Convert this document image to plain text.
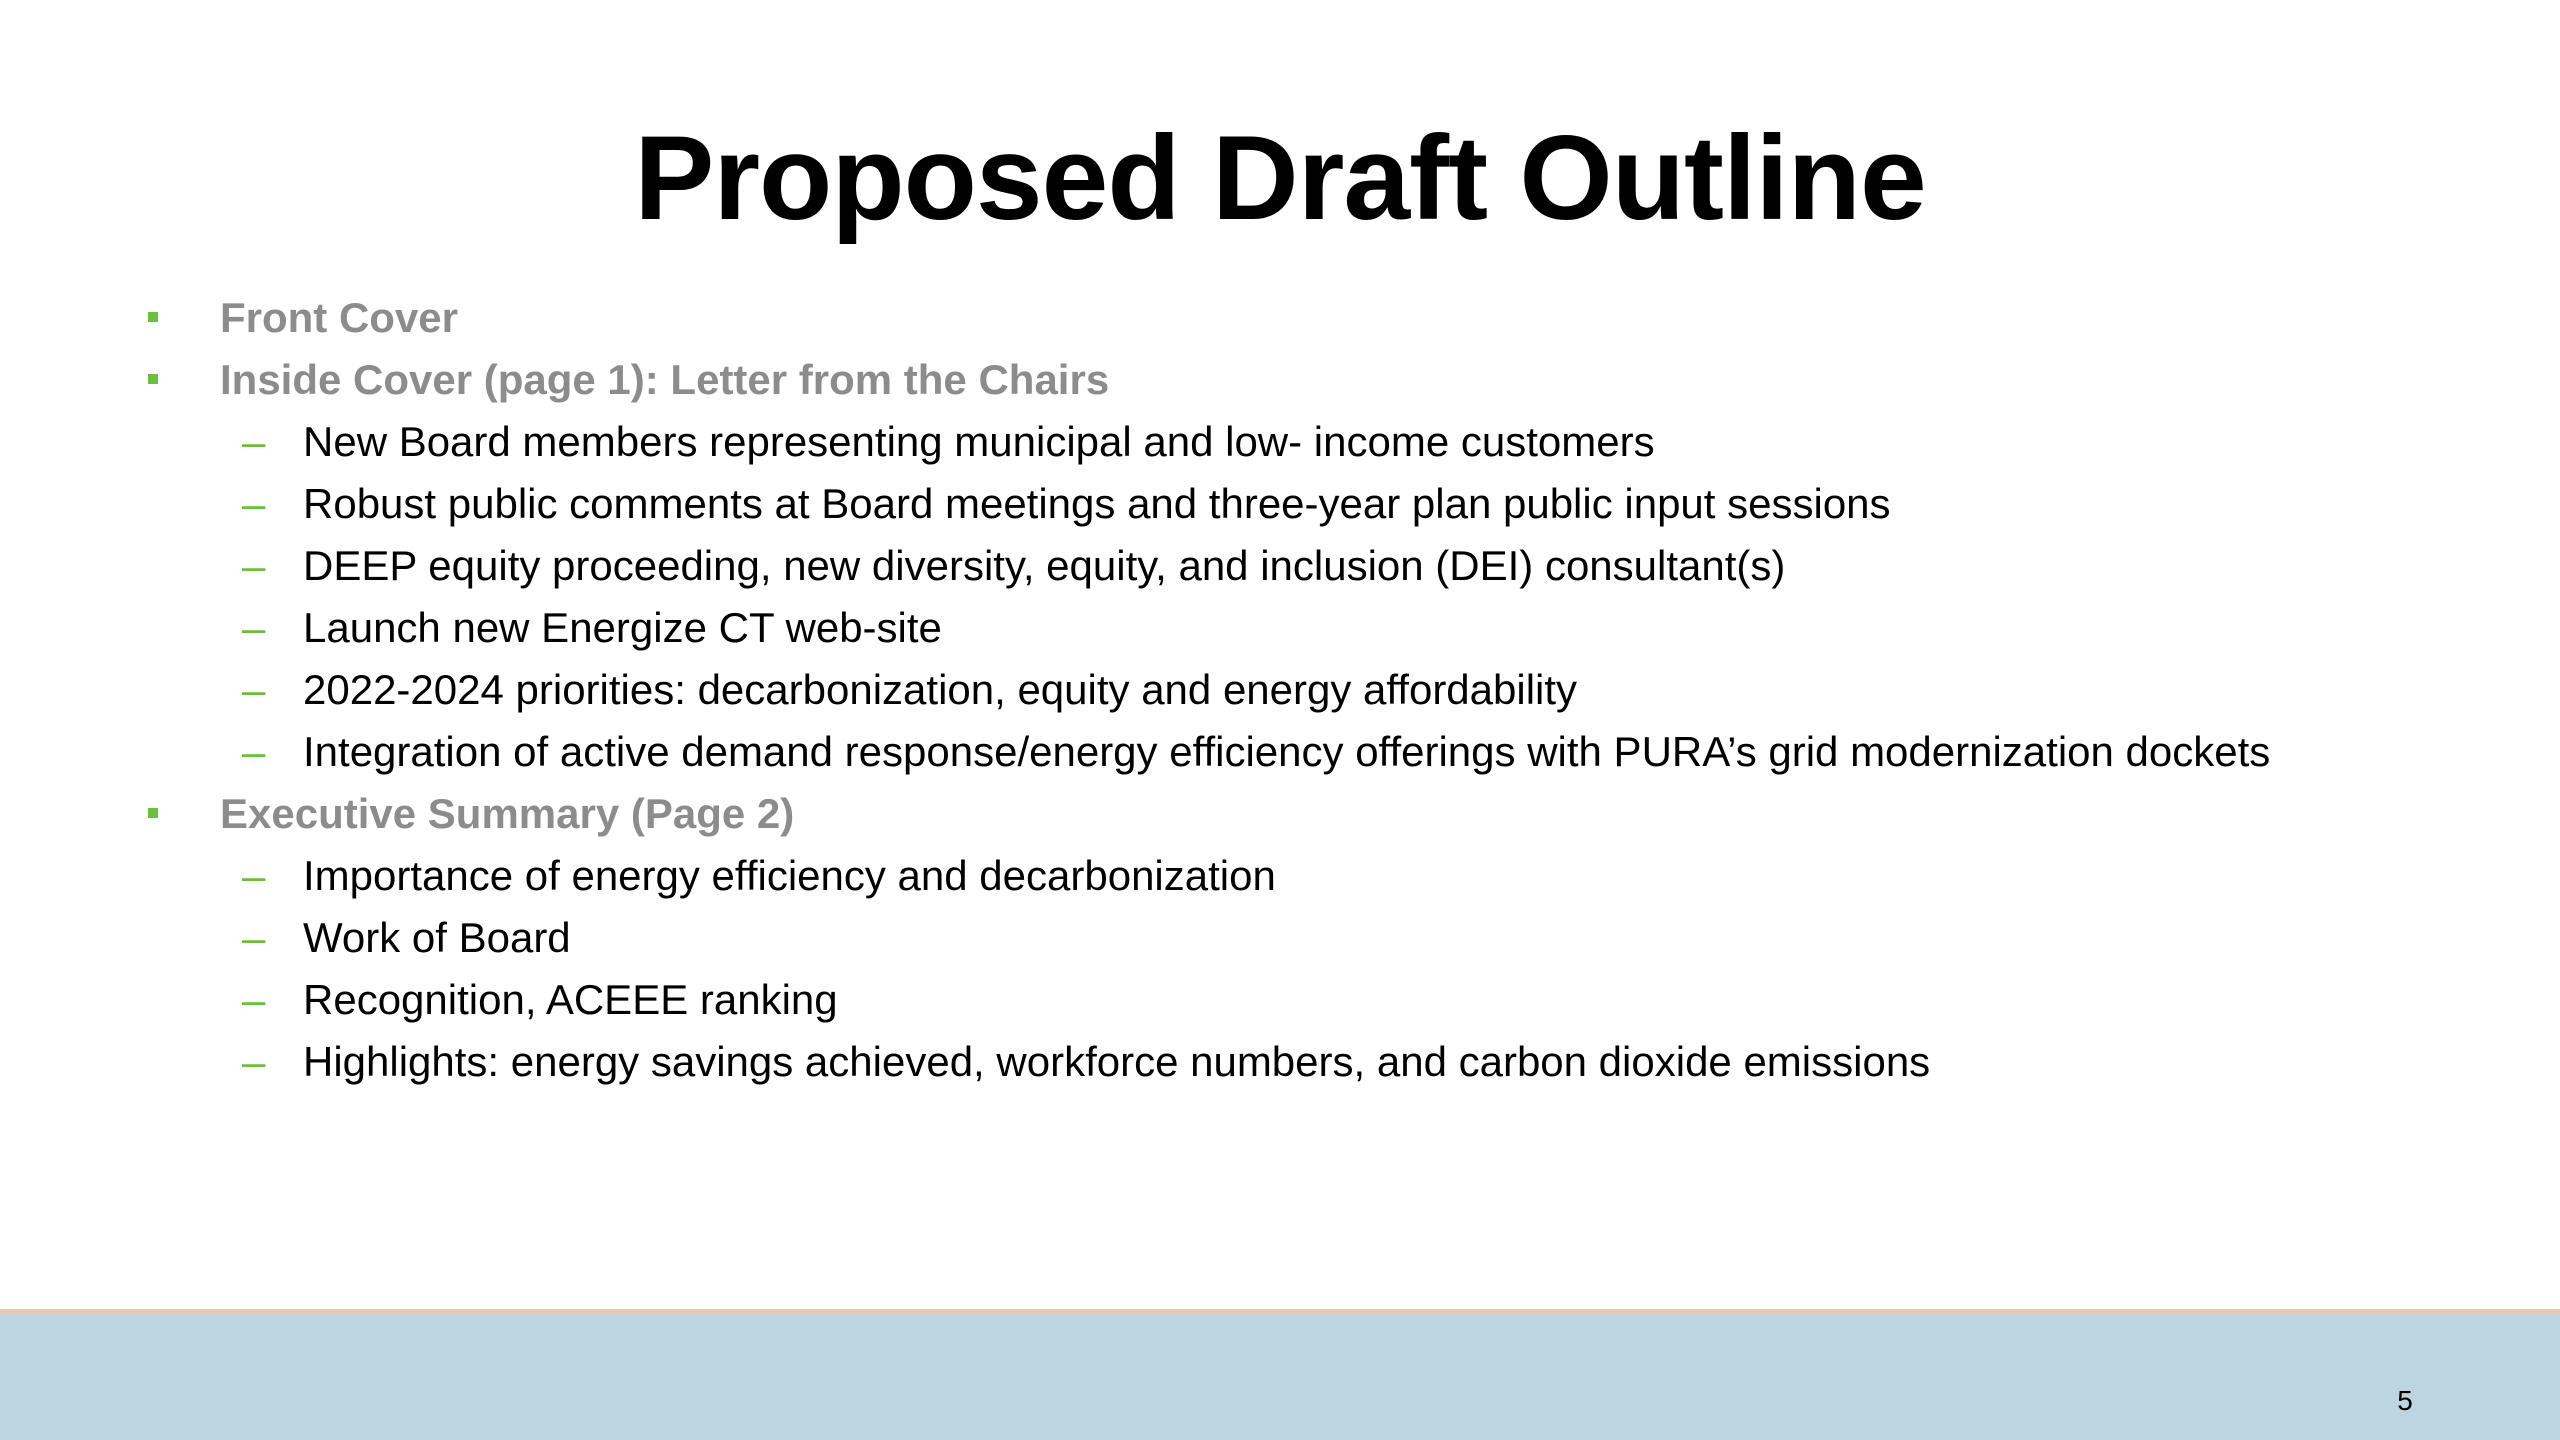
Proposed Draft Outline
Front Cover
Inside Cover (page 1): Letter from the Chairs
– New Board members representing municipal and low- income customers
– Robust public comments at Board meetings and three-year plan public input sessions
– DEEP equity proceeding, new diversity, equity, and inclusion (DEI) consultant(s)
– Launch new Energize CT web-site
– 2022-2024 priorities: decarbonization, equity and energy affordability
– Integration of active demand response/energy efficiency offerings with PURA’s grid modernization dockets
Executive Summary (Page 2)
– Importance of energy efficiency and decarbonization
– Work of Board
– Recognition, ACEEE ranking
– Highlights: energy savings achieved, workforce numbers, and carbon dioxide emissions
5
